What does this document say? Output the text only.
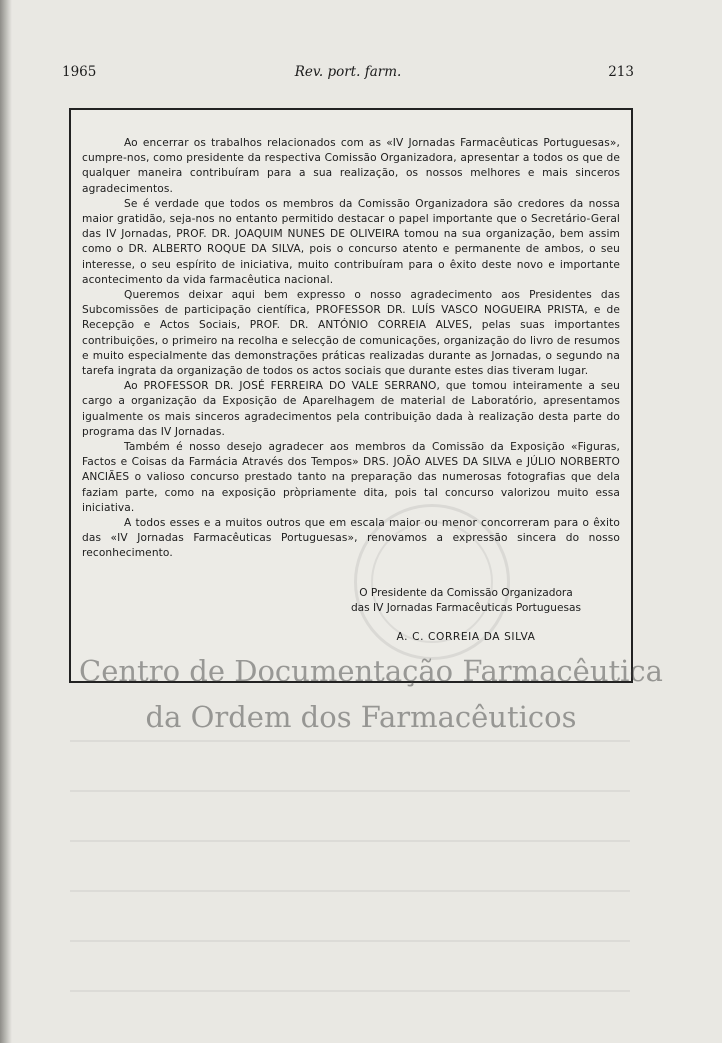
1965	Rev. port. farm.	213

Ao encerrar os trabalhos relacionados com as «IV Jornadas Farmacêuticas Portuguesas», cumpre-nos, como presidente da respectiva Comissão Organizadora, apresentar a todos os que de qualquer maneira contribuíram para a sua realização, os nossos melhores e mais sinceros agradecimentos.

Se é verdade que todos os membros da Comissão Organizadora são credores da nossa maior gratidão, seja-nos no entanto permitido destacar o papel importante que o Secretário-Geral das IV Jornadas, PROF. DR. JOAQUIM NUNES DE OLIVEIRA tomou na sua organização, bem assim como o DR. ALBERTO ROQUE DA SILVA, pois o concurso atento e permanente de ambos, o seu interesse, o seu espírito de iniciativa, muito contribuíram para o êxito deste novo e importante acontecimento da vida farmacêutica nacional.

Queremos deixar aqui bem expresso o nosso agradecimento aos Presidentes das Subcomissões de participação científica, PROFESSOR DR. LUÍS VASCO NOGUEIRA PRISTA, e de Recepção e Actos Sociais, PROF. DR. ANTÓNIO CORREIA ALVES, pelas suas importantes contribuições, o primeiro na recolha e selecção de comunicações, organização do livro de resumos e muito especialmente das demonstrações práticas realizadas durante as Jornadas, o segundo na tarefa ingrata da organização de todos os actos sociais que durante estes dias tiveram lugar.

Ao PROFESSOR DR. JOSÉ FERREIRA DO VALE SERRANO, que tomou inteiramente a seu cargo a organização da Exposição de Aparelhagem de material de Laboratório, apresentamos igualmente os mais sinceros agradecimentos pela contribuição dada à realização desta parte do programa das IV Jornadas.

Também é nosso desejo agradecer aos membros da Comissão da Exposição «Figuras, Factos e Coisas da Farmácia Através dos Tempos» DRS. JOÃO ALVES DA SILVA e JÚLIO NORBERTO ANCIÃES o valioso concurso prestado tanto na preparação das numerosas fotografias que dela faziam parte, como na exposição pròpriamente dita, pois tal concurso valorizou muito essa iniciativa.

A todos esses e a muitos outros que em escala maior ou menor concorreram para o êxito das «IV Jornadas Farmacêuticas Portuguesas», renovamos a expressão sincera do nosso reconhecimento.

O Presidente da Comissão Organizadora
das IV Jornadas Farmacêuticas Portuguesas
A. C. CORREIA DA SILVA
Centro de Documentação Farmacêutica
da Ordem dos Farmacêuticos
